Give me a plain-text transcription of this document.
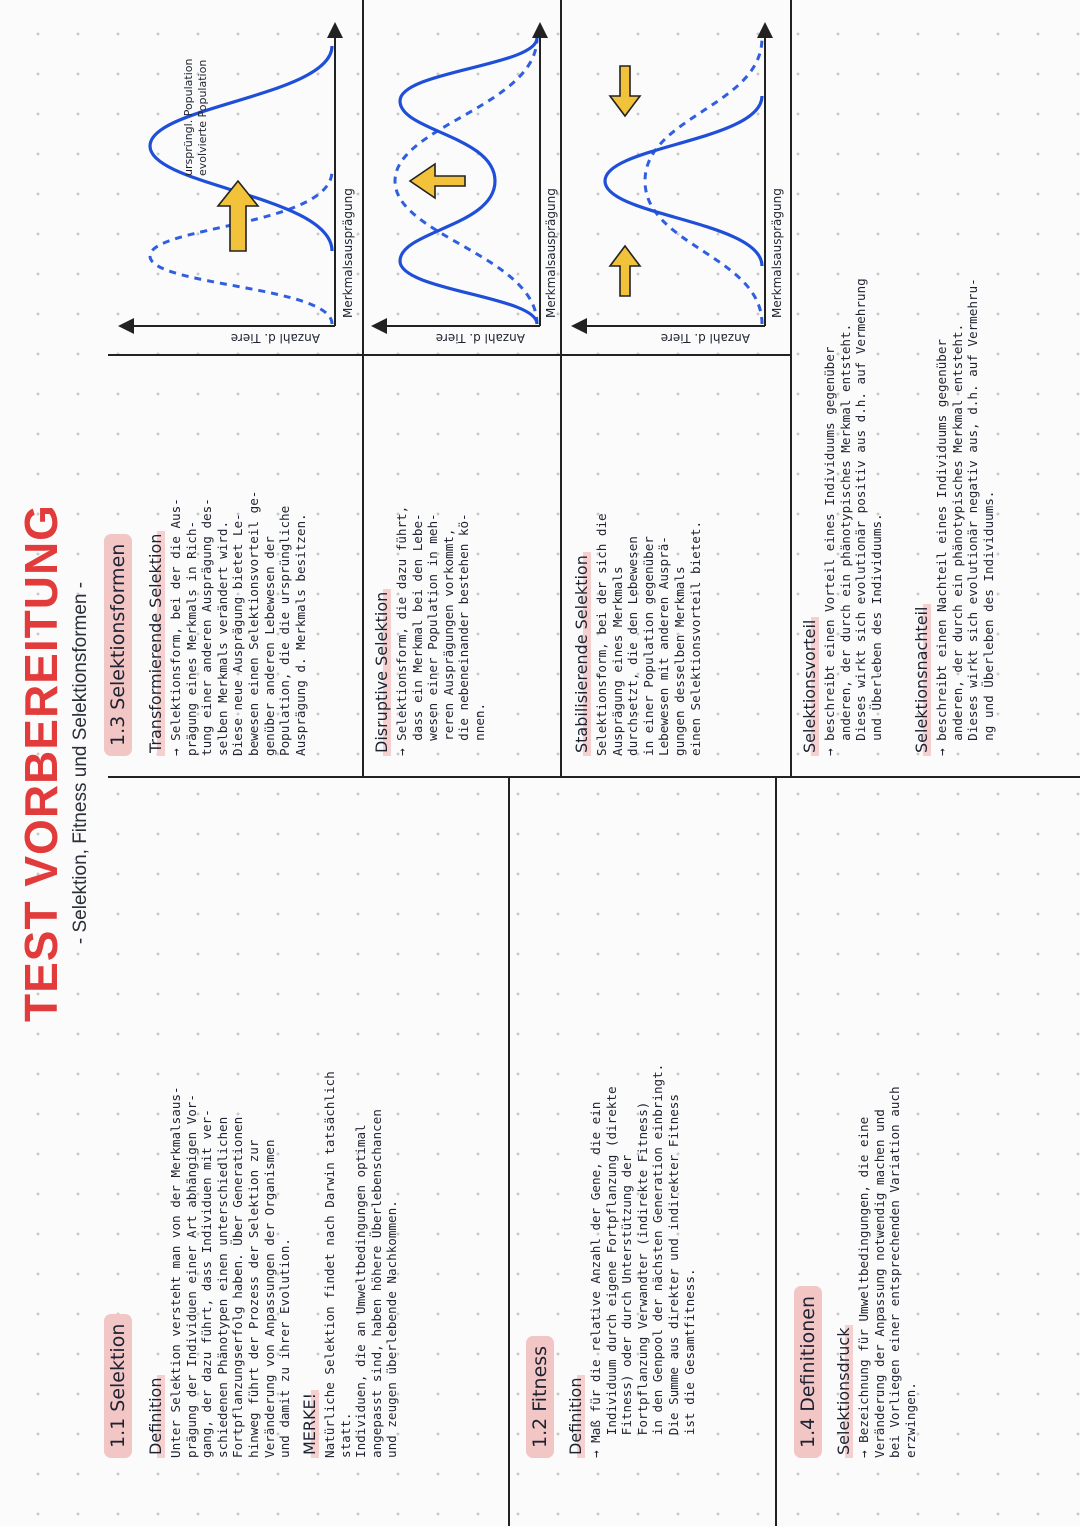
TEST VORBEREITUNG - Selektion, Fitness und Selektionsformen -
1.1 Selektion Definition Unter Selektion versteht man von der Merkmalsaus-
prägung der Individuen einer Art abhängigen Vor-
gang, der dazu führt, dass Individuen mit ver-
schiedenen Phänotypen einen unterschiedlichen
Fortpflanzungserfolg haben. Über Generationen
hinweg führt der Prozess der Selektion zur
Veränderung von Anpassungen der Organismen
und damit zu ihrer Evolution.
MERKE! Natürliche Selektion findet nach Darwin tatsächlich
statt.
Individuen, die an Umweltbedingungen optimal
angepasst sind, haben höhere Überlebenschancen
und zeugen überlebende Nachkommen.
1.2 Fitness Definition → Maß für die relative Anzahl der Gene, die ein
Individuum durch eigene Fortpflanzung (direkte
Fitness) oder durch Unterstützung der
Fortpflanzung Verwandter (indirekte Fitness)
in den Genpool der nächsten Generation einbringt.
Die Summe aus direkter und indirekter Fitness
ist die Gesamtfitness.	1.4 Definitionen Selektionsdruck → Bezeichnung für Umweltbedingungen, die eine
Veränderung der Anpassung notwendig machen und
bei Vorliegen einer entsprechenden Variation auch
erzwingen.
1.3 Selektionsformen Transformierende Selektion → Selektionsform, bei der die Aus-
prägung eines Merkmals in Rich-
tung einer anderen Ausprägung des-
selben Merkmals verändert wird.
Diese neue Ausprägung bietet Le-
bewesen einen Selektionsvorteil ge-
genüber anderen Lebewesen der
Population, die die ursprüngliche
Ausprägung d. Merkmals besitzen.
Disruptive Selektion → Selektionsform, die dazu führt,
dass ein Merkmal bei den Lebe-
wesen einer Population in meh-
reren Ausprägungen vorkommt,
die nebeneinander bestehen kö-
nnen.	Stabilisierende Selektion Selektionsform, bei der sich die
Ausprägung eines Merkmals
durchsetzt, die den Lebewesen
in einer Population gegenüber
Lebewesen mit anderen Ausprä-
gungen desselben Merkmals
einen Selektionsvorteil bietet.
Selektionsvorteil → beschreibt einen Vorteil eines Individuums gegenüber
anderen, der durch ein phänotypisches Merkmal entsteht.
Dieses wirkt sich evolutionär positiv aus d.h. auf Vermehrung
und Überleben des Individuums.
Selektionsnachteil → beschreibt einen Nachteil eines Individuums gegenüber
anderen, der durch ein phänotypisches Merkmal entsteht.
Dieses wirkt sich evolutionär negativ aus, d.h. auf Vermehru-
ng und Überleben des Individuums.
ursprüngl. Population evolvierte Population
Merkmalsausprägung
Anzahl d. Tiere
Merkmalsausprägung
Anzahl d. Tiere
Merkmalsausprägung
Anzahl d. Tiere
